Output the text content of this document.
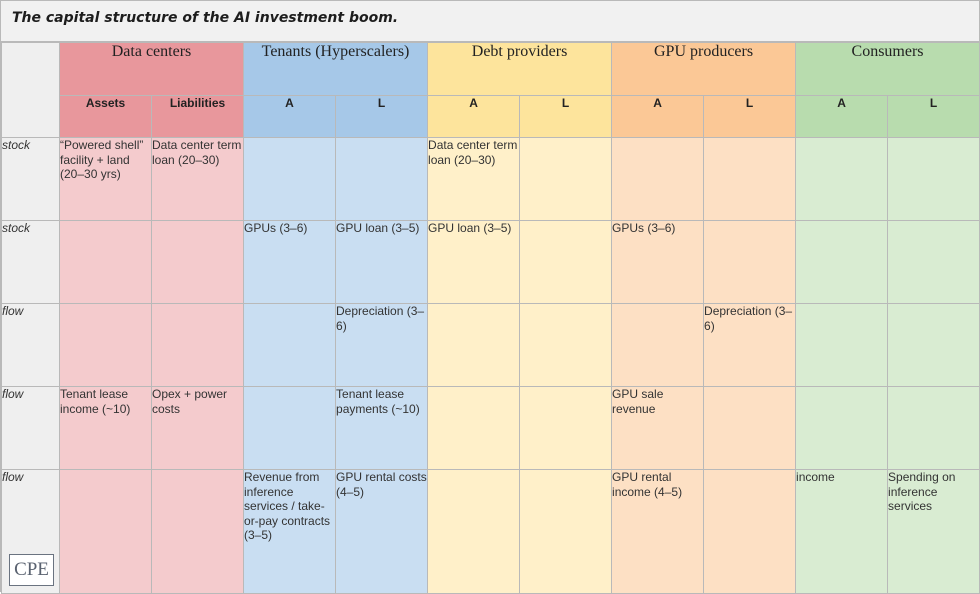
The capital structure of the AI investment boom.
	Data centers		Tenants (Hyperscalers)		Debt providers		GPU producers		Consumers	
	Assets	Liabilities	A	L	A	L	A	L	A	L
stock	“Powered shell” facility + land (20–30 yrs)	Data center term loan (20–30)			Data center term loan (20–30)					
stock			GPUs (3–6)	GPU loan (3–5)	GPU loan (3–5)		GPUs (3–6)			
flow				Depreciation (3–6)				Depreciation (3–6)		
flow	Tenant lease income (~10)	Opex + power costs		Tenant lease payments (~10)			GPU sale revenue			
flow			Revenue from inference services / take-or-pay contracts (3–5)	GPU rental costs (4–5)			GPU rental income (4–5)		income	Spending on inference services
CPE
